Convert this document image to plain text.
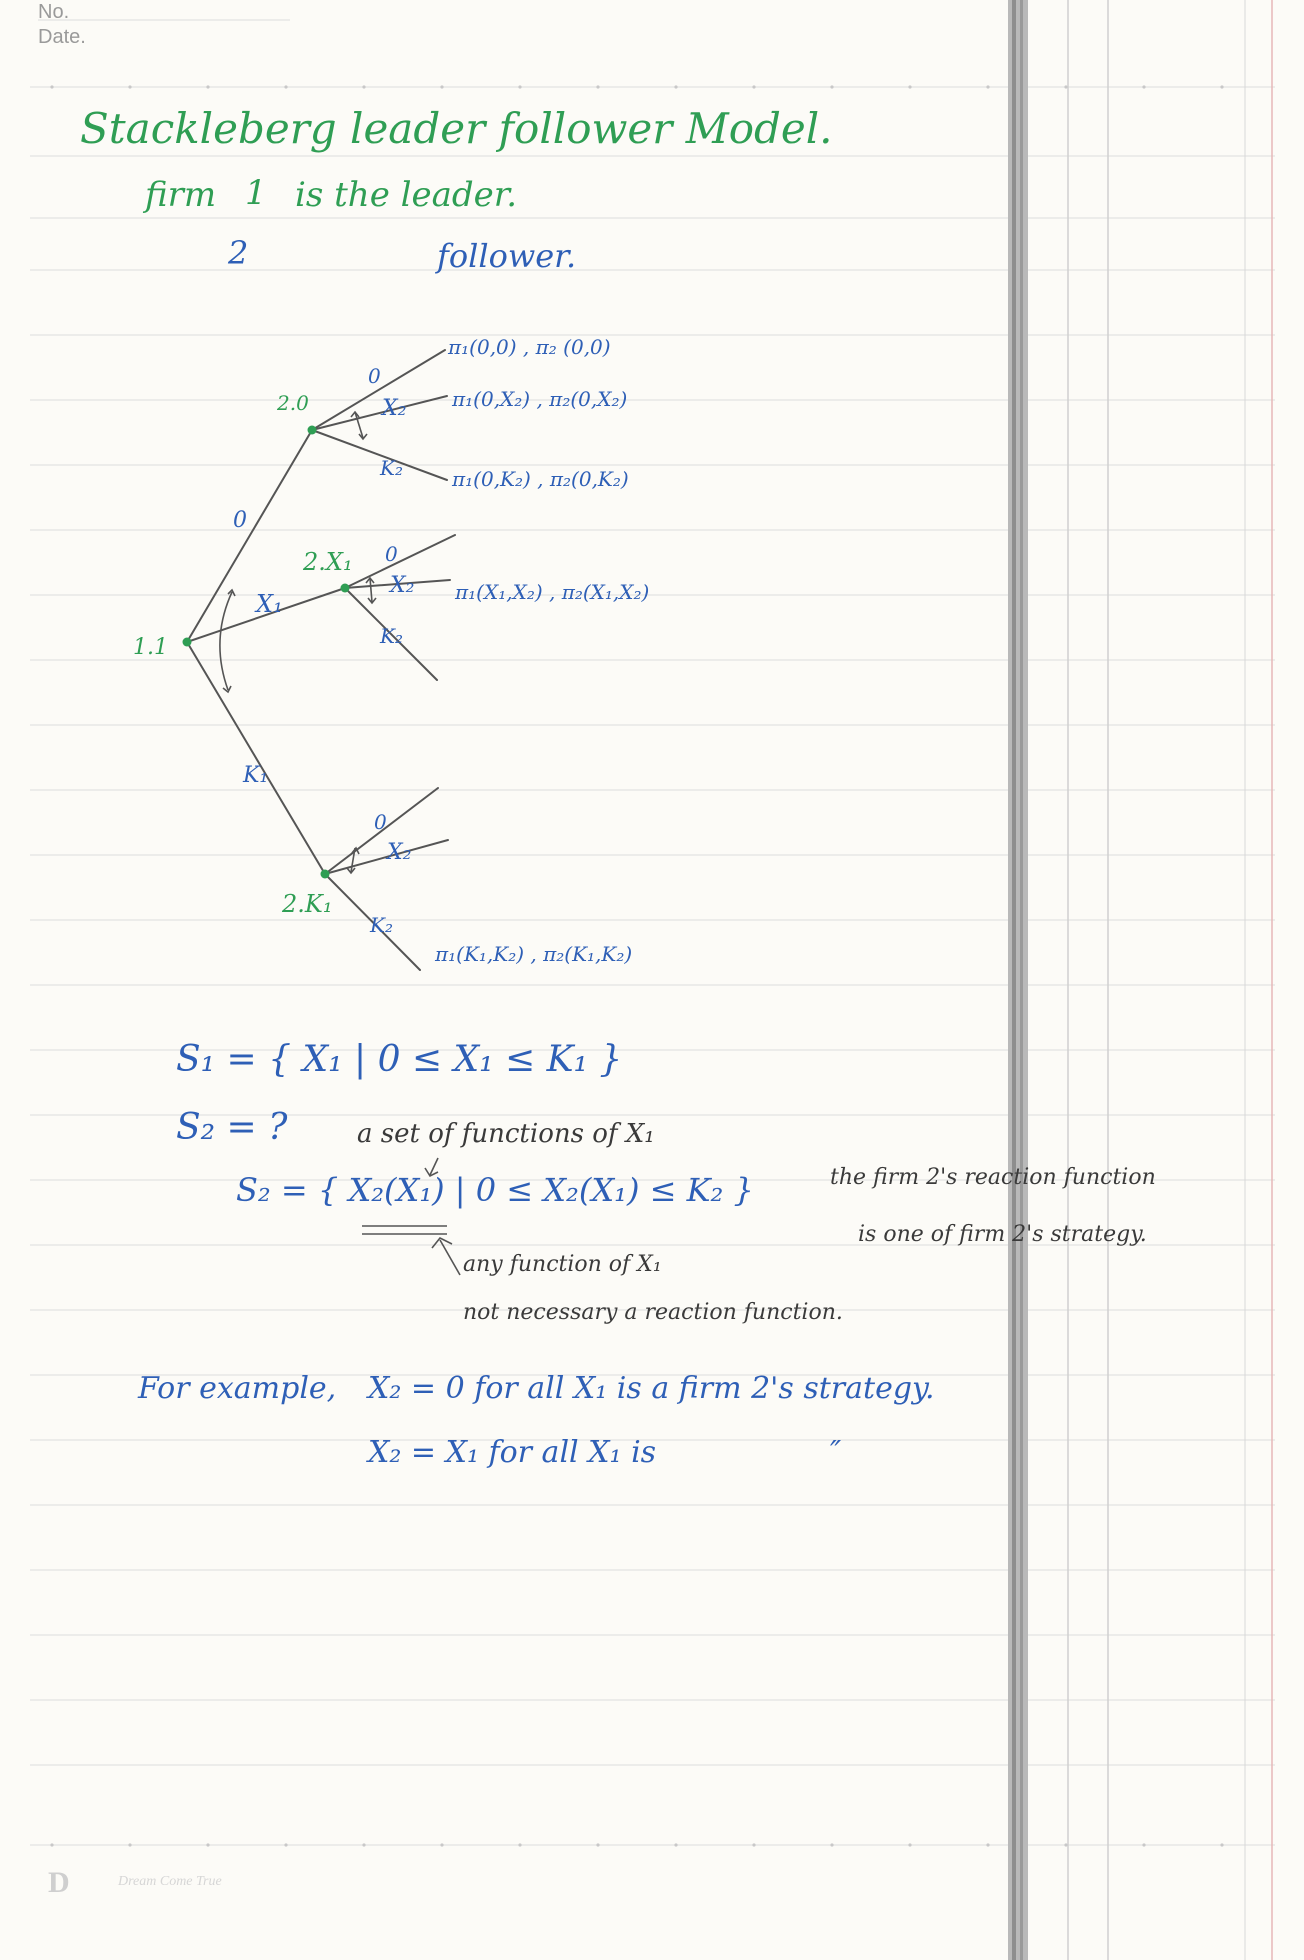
No.
Date.
Stackleberg leader follower Model.
firm 1 is the leader.
2	follower.
1.1
2.0
2.X₁
2.K₁
0
X₁
K₁
0
X₂
K₂
0
X₂
K₂
0
X₂
K₂
π₁(0,0) , π₂ (0,0)
π₁(0,X₂) , π₂(0,X₂)
π₁(0,K₂) , π₂(0,K₂)
π₁(X₁,X₂) , π₂(X₁,X₂)
π₁(K₁,K₂) , π₂(K₁,K₂)
S₁ = { X₁ | 0 ≤ X₁ ≤ K₁ }
S₂ = ?	a set of functions of X₁
S₂ = { X₂(X₁) | 0 ≤ X₂(X₁) ≤ K₂ }	the firm 2's reaction function
is one of firm 2's strategy.
any function of X₁
not necessary a reaction function.
For example, X₂ = 0 for all X₁ is a firm 2's strategy.
X₂ = X₁ for all X₁ is	″
D	Dream Come True
